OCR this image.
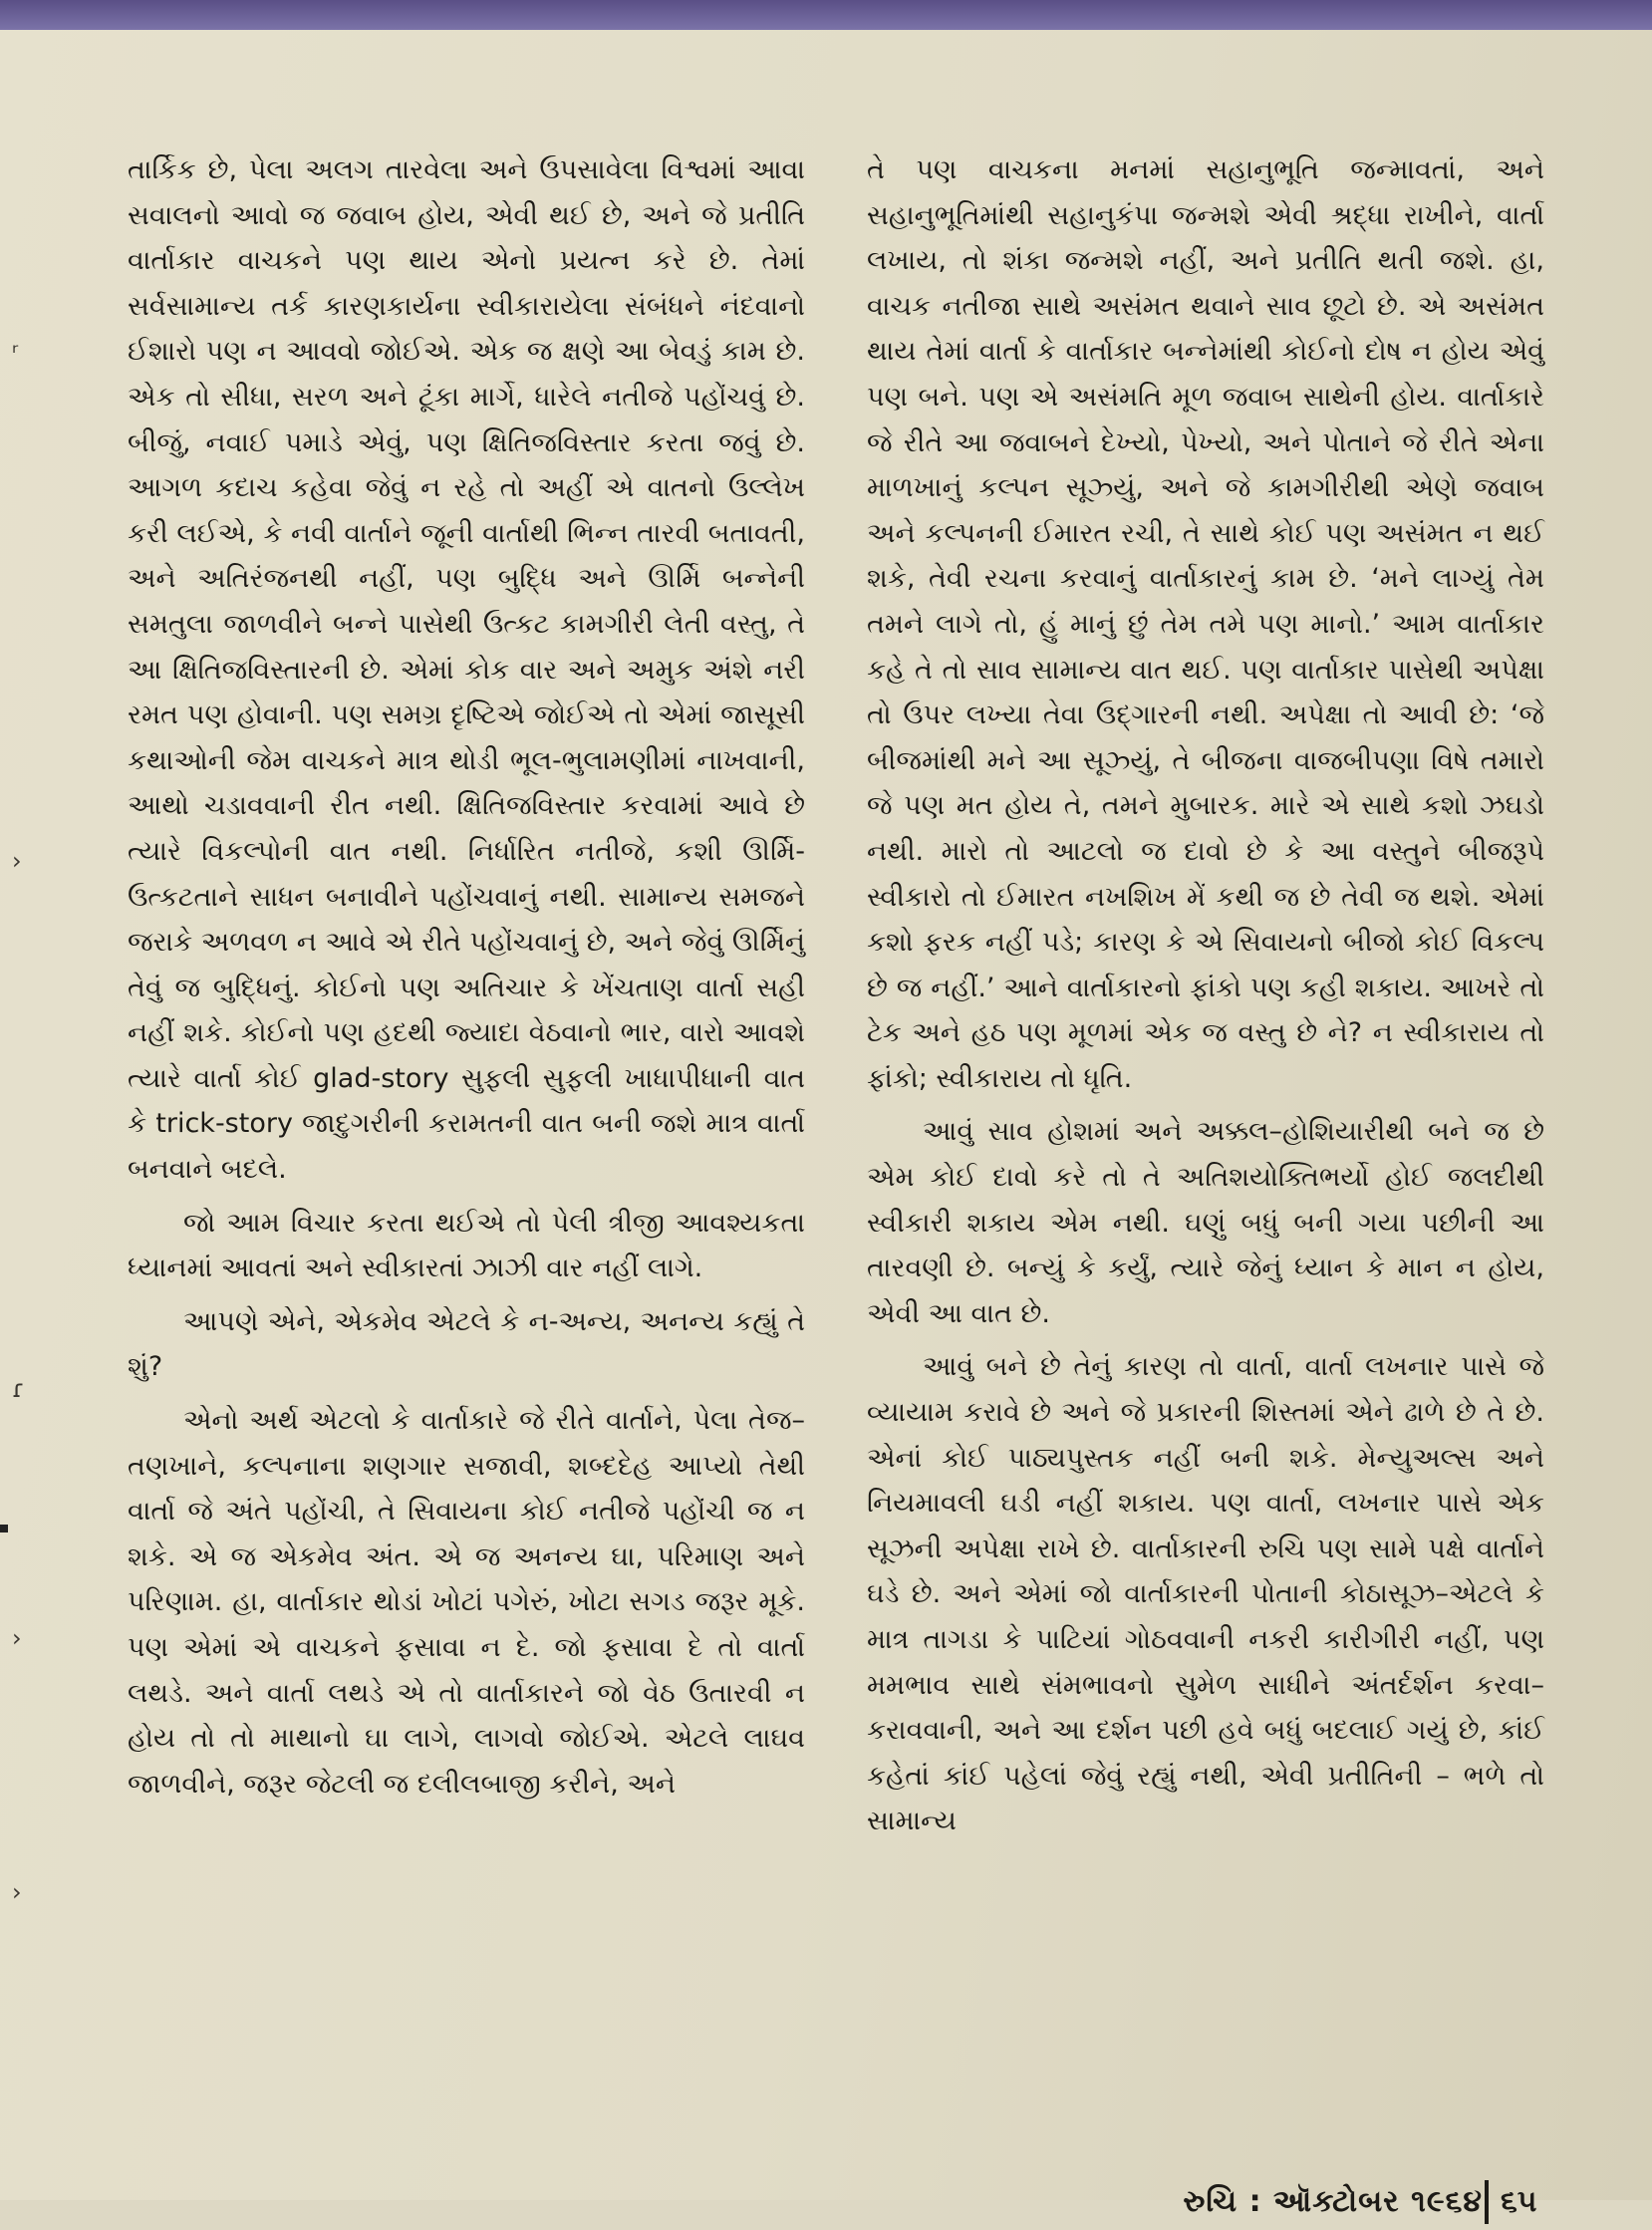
ʳ
›
ɾ
›
›

તાર્કિક છે, પેલા અલગ તારવેલા અને ઉપસાવેલા વિશ્વમાં આવા સવાલનો આવો જ જવાબ હોય, એવી થઈ છે, અને જે પ્રતીતિ વાર્તાકાર વાચકને પણ થાય એનો પ્રયત્ન કરે છે. તેમાં સર્વસામાન્ય તર્ક કારણકાર્યના સ્વીકારાયેલા સંબંધને નંદવાનો ઈશારો પણ ન આવવો જોઈએ. એક જ ક્ષણે આ બેવડું કામ છે. એક તો સીધા, સરળ અને ટૂંકા માર્ગે, ધારેલે નતીજે પહોંચવું છે. બીજું, નવાઈ પમાડે એવું, પણ ક્ષિતિજવિસ્તાર કરતા જવું છે. આગળ કદાચ કહેવા જેવું ન રહે તો અહીં એ વાતનો ઉલ્લેખ કરી લઈએ, કે નવી વાર્તાને જૂની વાર્તાથી ભિન્ન તારવી બતાવતી, અને અતિરંજનથી નહીં, પણ બુદ્ધિ અને ઊર્મિ બન્નેની સમતુલા જાળવીને બન્ને પાસેથી ઉત્કટ કામગીરી લેતી વસ્તુ, તે આ ક્ષિતિજવિસ્તારની છે. એમાં કોક વાર અને અમુક અંશે નરી રમત પણ હોવાની. પણ સમગ્ર દૃષ્ટિએ જોઈએ તો એમાં જાસૂસી કથાઓની જેમ વાચકને માત્ર થોડી ભૂલ-ભુલામણીમાં નાખવાની, આથો ચડાવવાની રીત નથી. ક્ષિતિજવિસ્તાર કરવામાં આવે છે ત્યારે વિકલ્પોની વાત નથી. નિર્ધારિત નતીજે, કશી ઊર્મિ-ઉત્કટતાને સાધન બનાવીને પહોંચવાનું નથી. સામાન્ય સમજને જરાકે અળવળ ન આવે એ રીતે પહોંચવાનું છે, અને જેવું ઊર્મિનું તેવું જ બુદ્ધિનું. કોઈનો પણ અતિચાર કે ખેંચતાણ વાર્તા સહી નહીં શકે. કોઈનો પણ હદથી જ્યાદા વેઠવાનો ભાર, વારો આવશે ત્યારે વાર્તા કોઈ glad-story સુફલી સુફલી ખાધાપીધાની વાત કે trick-story જાદુગરીની કરામતની વાત બની જશે માત્ર વાર્તા બનવાને બદલે.

જો આમ વિચાર કરતા થઈએ તો પેલી ત્રીજી આવશ્યકતા ધ્યાનમાં આવતાં અને સ્વીકારતાં ઝાઝી વાર નહીં લાગે.

આપણે એને, એકમેવ એટલે કે ન-અન્ય, અનન્ય કહ્યું તે શું?

એનો અર્થ એટલો કે વાર્તાકારે જે રીતે વાર્તાને, પેલા તેજ–તણખાને, કલ્પનાના શણગાર સજાવી, શબ્દદેહ આપ્યો તેથી વાર્તા જે અંતે પહોંચી, તે સિવાયના કોઈ નતીજે પહોંચી જ ન શકે. એ જ એકમેવ અંત. એ જ અનન્ય ઘા, પરિમાણ અને પરિણામ. હા, વાર્તાકાર થોડાં ખોટાં પગેરું, ખોટા સગડ જરૂર મૂકે. પણ એમાં એ વાચકને ફસાવા ન દે. જો ફસાવા દે તો વાર્તા લથડે. અને વાર્તા લથડે એ તો વાર્તાકારને જો વેઠ ઉતારવી ન હોય તો તો માથાનો ઘા લાગે, લાગવો જોઈએ. એટલે લાઘવ જાળવીને, જરૂર જેટલી જ દલીલબાજી કરીને, અને

તે પણ વાચકના મનમાં સહાનુભૂતિ જન્માવતાં, અને સહાનુભૂતિમાંથી સહાનુકંપા જન્મશે એવી શ્રદ્ધા રાખીને, વાર્તા લખાય, તો શંકા જન્મશે નહીં, અને પ્રતીતિ થતી જશે. હા, વાચક નતીજા સાથે અસંમત થવાને સાવ છૂટો છે. એ અસંમત થાય તેમાં વાર્તા કે વાર્તાકાર બન્નેમાંથી કોઈનો દોષ ન હોય એવું પણ બને. પણ એ અસંમતિ મૂળ જવાબ સાથેની હોય. વાર્તાકારે જે રીતે આ જવાબને દેખ્યો, પેખ્યો, અને પોતાને જે રીતે એના માળખાનું કલ્પન સૂઝ્યું, અને જે કામગીરીથી એણે જવાબ અને કલ્પનની ઈમારત રચી, તે સાથે કોઈ પણ અસંમત ન થઈ શકે, તેવી રચના કરવાનું વાર્તાકારનું કામ છે. ‘મને લાગ્યું તેમ તમને લાગે તો, હું માનું છું તેમ તમે પણ માનો.’ આમ વાર્તાકાર કહે તે તો સાવ સામાન્ય વાત થઈ. પણ વાર્તાકાર પાસેથી અપેક્ષા તો ઉપર લખ્યા તેવા ઉદ્ગારની નથી. અપેક્ષા તો આવી છે: ‘જે બીજમાંથી મને આ સૂઝ્યું, તે બીજના વાજબીપણા વિષે તમારો જે પણ મત હોય તે, તમને મુબારક. મારે એ સાથે કશો ઝઘડો નથી. મારો તો આટલો જ દાવો છે કે આ વસ્તુને બીજરૂપે સ્વીકારો તો ઈમારત નખશિખ મેં કથી જ છે તેવી જ થશે. એમાં કશો ફરક નહીં પડે; કારણ કે એ સિવાયનો બીજો કોઈ વિકલ્પ છે જ નહીં.’ આને વાર્તાકારનો ફાંકો પણ કહી શકાય. આખરે તો ટેક અને હઠ પણ મૂળમાં એક જ વસ્તુ છે ને? ન સ્વીકારાય તો ફાંકો; સ્વીકારાય તો ધૃતિ.

આવું સાવ હોશમાં અને અક્કલ–હોશિયારીથી બને જ છે એમ કોઈ દાવો કરે તો તે અતિશયોક્તિભર્યો હોઈ જલદીથી સ્વીકારી શકાય એમ નથી. ઘણું બધું બની ગયા પછીની આ તારવણી છે. બન્યું કે કર્યું, ત્યારે જેનું ધ્યાન કે માન ન હોય, એવી આ વાત છે.

આવું બને છે તેનું કારણ તો વાર્તા, વાર્તા લખનાર પાસે જે વ્યાયામ કરાવે છે અને જે પ્રકારની શિસ્તમાં એને ઢાળે છે તે છે. એનાં કોઈ પાઠ્યપુસ્તક નહીં બની શકે. મેન્યુઅલ્સ અને નિયમાવલી ઘડી નહીં શકાય. પણ વાર્તા, લખનાર પાસે એક સૂઝની અપેક્ષા રાખે છે. વાર્તાકારની રુચિ પણ સામે પક્ષે વાર્તાને ઘડે છે. અને એમાં જો વાર્તાકારની પોતાની કોઠાસૂઝ–એટલે કે માત્ર તાગડા કે પાટિયાં ગોઠવવાની નકરી કારીગીરી નહીં, પણ મમભાવ સાથે સંમભાવનો સુમેળ સાધીને અંતર્દર્શન કરવા–કરાવવાની, અને આ દર્શન પછી હવે બધું બદલાઈ ગયું છે, કાંઈ કહેતાં કાંઈ પહેલાં જેવું રહ્યું નથી, એવી પ્રતીતિની – ભળે તો સામાન્ય

રુચિ : ઑક્ટોબર ૧૯૬૪ ૬૫
